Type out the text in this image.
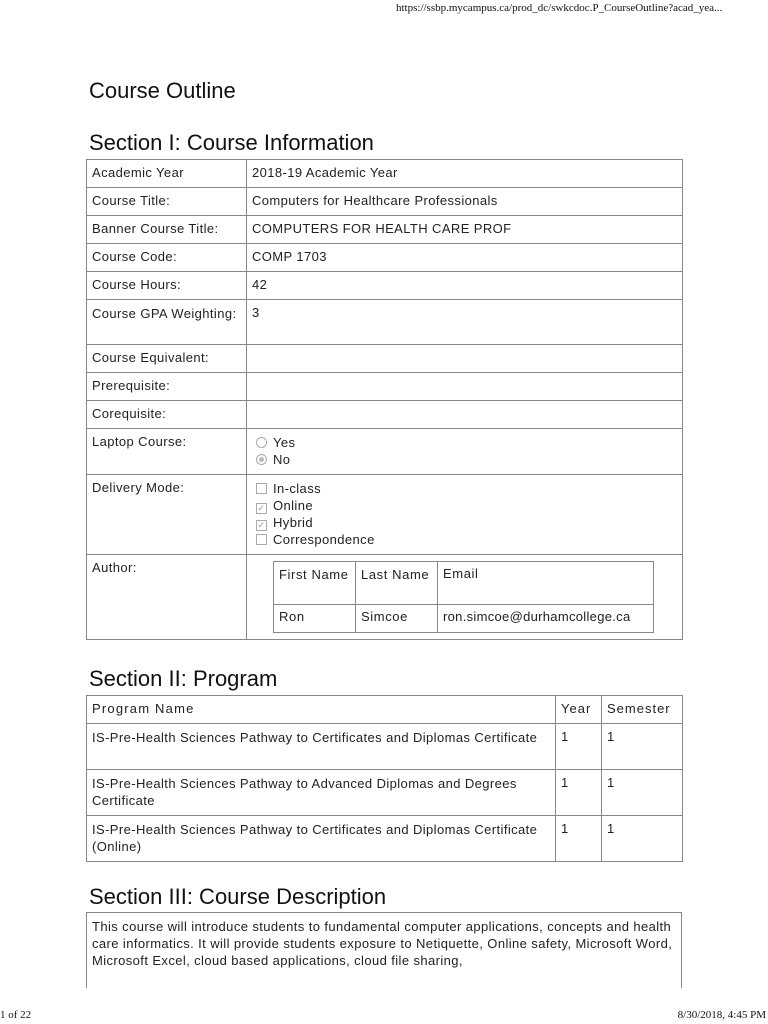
https://ssbp.mycampus.ca/prod_dc/swkcdoc.P_CourseOutline?acad_yea...
Course Outline
Section I: Course Information
Academic Year	2018-19 Academic Year
Course Title:	Computers for Healthcare Professionals
Banner Course Title:	COMPUTERS FOR HEALTH CARE PROF
Course Code:	COMP 1703
Course Hours:	42
Course GPA Weighting:	3
Course Equivalent:	
Prerequisite:	
Corequisite:	
Laptop Course:	Yes
No

Delivery Mode:	In-class
✓ Online
✓ Hybrid
Correspondence

Author:		First Name	Last Name	Email
Ron	Simcoe	ron.simcoe@durhamcollege.ca
Section II: Program
Program Name	Year	Semester
IS-Pre-Health Sciences Pathway to Certificates and Diplomas Certificate	1	1
IS-Pre-Health Sciences Pathway to Advanced Diplomas and Degrees Certificate	1	1
IS-Pre-Health Sciences Pathway to Certificates and Diplomas Certificate (Online)	1	1
Section III: Course Description
This course will introduce students to fundamental computer applications, concepts and health care informatics. It will provide students exposure to Netiquette, Online safety, Microsoft Word, Microsoft Excel, cloud based applications, cloud file sharing,
1 of 22	8/30/2018, 4:45 PM
